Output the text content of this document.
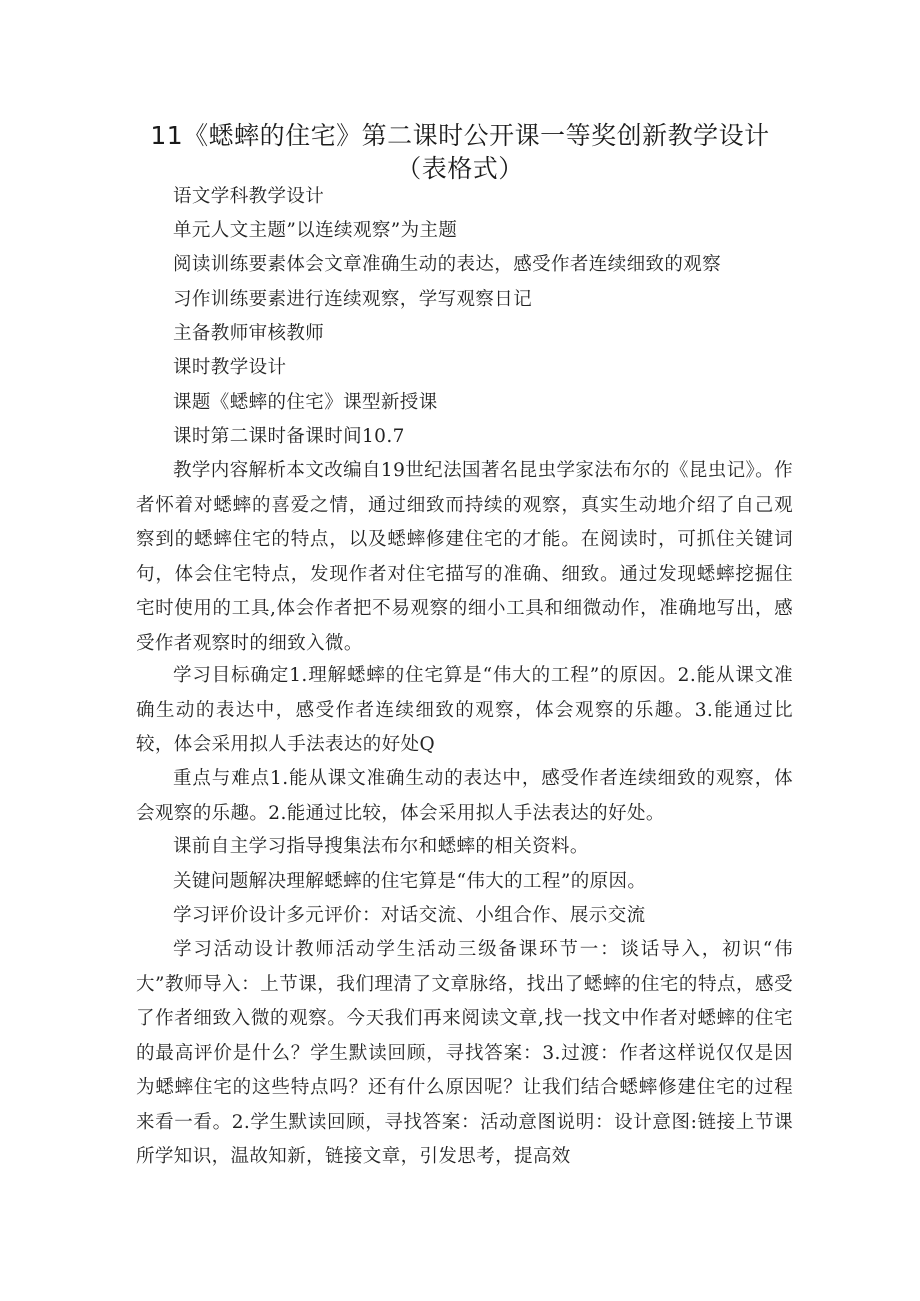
11《蟋蟀的住宅》第二课时公开课一等奖创新教学设计
（表格式）

语文学科教学设计

单元人文主题”以连续观察”为主题

阅读训练要素体会文章准确生动的表达，感受作者连续细致的观察

习作训练要素进行连续观察，学写观察日记

主备教师审核教师

课时教学设计

课题《蟋蟀的住宅》课型新授课

课时第二课时备课时间10.7

教学内容解析本文改编自19世纪法国著名昆虫学家法布尔的《昆虫记》。作者怀着对蟋蟀的喜爱之情，通过细致而持续的观察，真实生动地介绍了自己观察到的蟋蟀住宅的特点，以及蟋蟀修建住宅的才能。在阅读时，可抓住关键词句，体会住宅特点，发现作者对住宅描写的准确、细致。通过发现蟋蟀挖掘住宅时使用的工具,体会作者把不易观察的细小工具和细微动作，准确地写出，感受作者观察时的细致入微。

学习目标确定1.理解蟋蟀的住宅算是“伟大的工程”的原因。2.能从课文准确生动的表达中，感受作者连续细致的观察，体会观察的乐趣。3.能通过比较，体会采用拟人手法表达的好处Q

重点与难点1.能从课文准确生动的表达中，感受作者连续细致的观察，体会观察的乐趣。2.能通过比较，体会采用拟人手法表达的好处。

课前自主学习指导搜集法布尔和蟋蟀的相关资料。

关键问题解决理解蟋蟀的住宅算是“伟大的工程”的原因。

学习评价设计多元评价：对话交流、小组合作、展示交流

学习活动设计教师活动学生活动三级备课环节一：谈话导入，初识“伟大”教师导入：上节课，我们理清了文章脉络，找出了蟋蟀的住宅的特点，感受了作者细致入微的观察。今天我们再来阅读文章,找一找文中作者对蟋蟀的住宅的最高评价是什么？学生默读回顾，寻找答案：3.过渡：作者这样说仅仅是因为蟋蟀住宅的这些特点吗？还有什么原因呢？让我们结合蟋蟀修建住宅的过程来看一看。2.学生默读回顾，寻找答案：活动意图说明：设计意图:链接上节课所学知识，温故知新，链接文章，引发思考，提高效
